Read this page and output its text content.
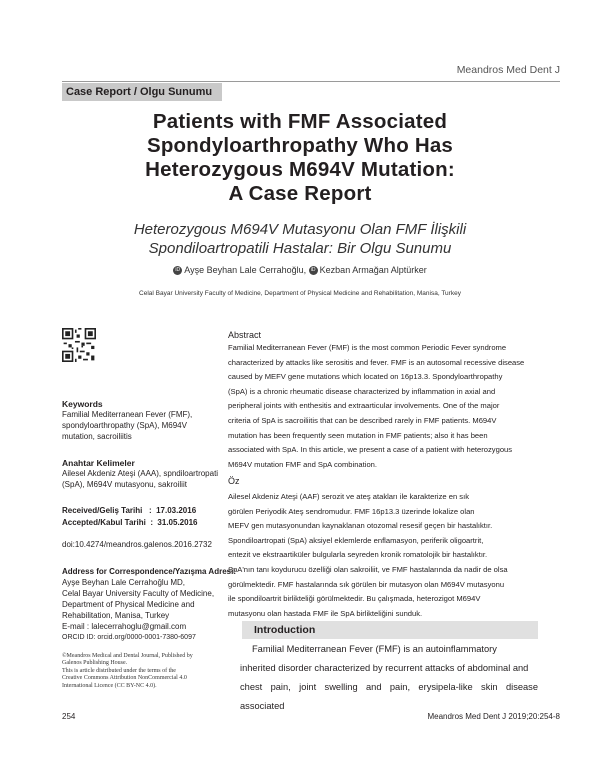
Meandros Med Dent J
Case Report / Olgu Sunumu
Patients with FMF Associated
Spondyloarthropathy Who Has
Heterozygous M694V Mutation:
A Case Report
Heterozygous M694V Mutasyonu Olan FMF İlişkili
Spondiloartropatili Hastalar: Bir Olgu Sunumu
iD Ayşe Beyhan Lale Cerrahoğlu, iD Kezban Armağan Alptürker
Celal Bayar University Faculty of Medicine, Department of Physical Medicine and Rehabilitation, Manisa, Turkey
Keywords
Familial Mediterranean Fever (FMF),
spondyloarthropathy (SpA), M694V
mutation, sacroiliitis
Anahtar Kelimeler
Ailesel Akdeniz Ateşi (AAA), spndiloartropati
(SpA), M694V mutasyonu, sakroiliit
Received/Geliş Tarihi   :  17.03.2016
Accepted/Kabul Tarihi  :  31.05.2016
doi:10.4274/meandros.galenos.2016.2732
Address for Correspondence/Yazışma Adresi:
Ayşe Beyhan Lale Cerrahoğlu MD,
Celal Bayar University Faculty of Medicine,
Department of Physical Medicine and
Rehabilitation, Manisa, Turkey
E-mail : lalecerrahoglu@gmail.com
ORCID ID: orcid.org/0000-0001-7380-6097
©Meandros Medical and Dental Journal, Published by
Galenos Publishing House.
This is article distributed under the terms of the
Creative Commons Attribution NonCommercial 4.0
International Licence (CC BY-NC 4.0).
Abstract
Familial Mediterranean Fever (FMF) is the most common Periodic Fever syndrome
characterized by attacks like serositis and fever. FMF is an autosomal recessive disease
caused by MEFV gene mutations which located on 16p13.3. Spondyloarthropathy
(SpA) is a chronic rheumatic disease characterized by inflammation in axial and
peripheral joints with enthesitis and extraarticular involvements. One of the major
criteria of SpA is sacroiliitis that can be described rarely in FMF patients. M694V
mutation has been frequently seen mutation in FMF patients; also it has been
associated with SpA. In this article, we present a case of a patient with heterozygous
M694V mutation FMF and SpA combination.
Öz
Ailesel Akdeniz Ateşi (AAF) serozit ve ateş atakları ile karakterize en sık
görülen Periyodik Ateş sendromudur. FMF 16p13.3 üzerinde lokalize olan
MEFV gen mutasyonundan kaynaklanan otozomal resesif geçen bir hastalıktır.
Spondiloartropati (SpA) aksiyel eklemlerde enflamasyon, periferik oligoartrit,
entezit ve ekstraartiküler bulgularla seyreden kronik romatolojik bir hastalıktır.
SpA'nın tanı koydurucu özelliği olan sakroiliit, ve FMF hastalarında da nadir de olsa
görülmektedir. FMF hastalarında sık görülen bir mutasyon olan M694V mutasyonu
ile spondiloartrit birlikteliği görülmektedir. Bu çalışmada, heterozigot M694V
mutasyonu olan hastada FMF ile SpA birlikteliğini sunduk.
Introduction
Familial Mediterranean Fever (FMF) is an autoinflammatory
inherited disorder characterized by recurrent attacks of abdominal and
chest pain, joint swelling and pain, erysipela-like skin disease associated
254	Meandros Med Dent J 2019;20:254-8
